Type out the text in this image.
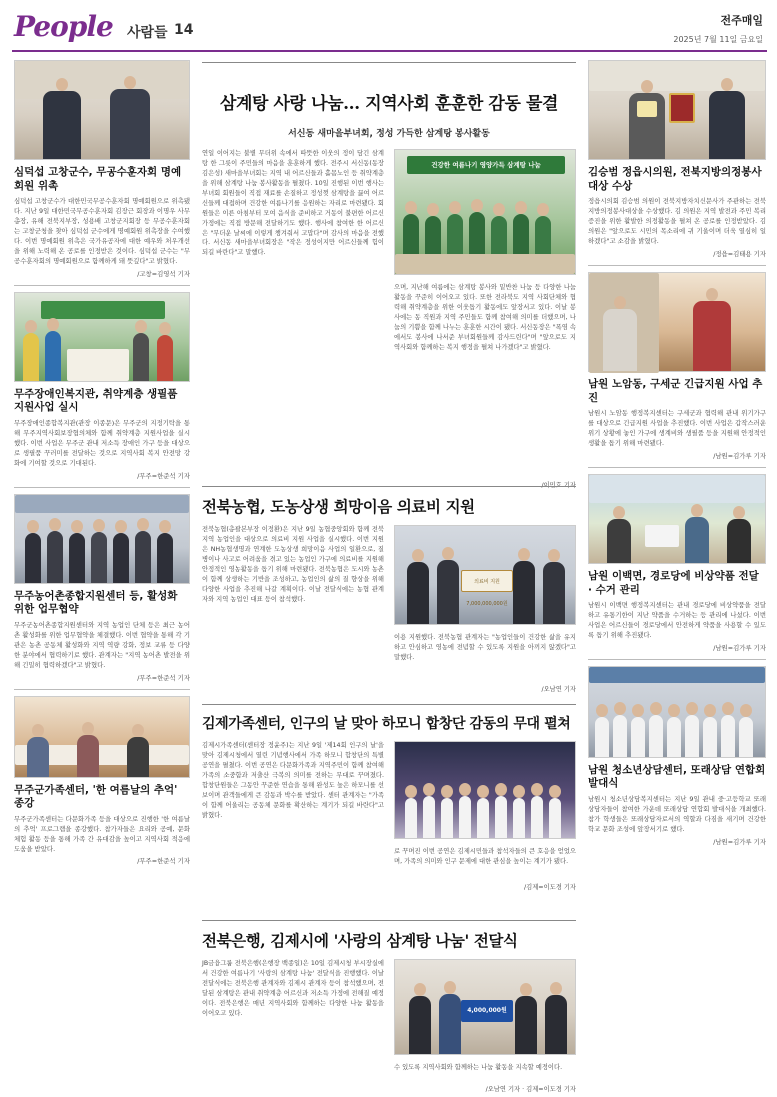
People 사람들 14
전주매일
2025년 7월 11일 금요일
심덕섭 고창군수, 무공수훈자회 명예회원 위촉
심덕섭 고창군수가 대한민국무공수훈자회 명예회원으로 위촉됐다. 지난 9일 대한민국무공수훈자회 김장근 회장과 이명우 사무총장, 유해 전북지부장, 성용배 고창군지회장 등 무공수훈자회는 고창군청을 찾아 심덕섭 군수에게 명예회원 위촉장을 수여했다. 이번 명예회원 위촉은 국가유공자에 대한 예우와 처우개선을 위해 노력해 온 공로를 인정받은 것이다. 심덕섭 군수는 "무공수훈자회의 명예회원으로 함께하게 돼 뜻깊다"고 밝혔다.
/고창=김영석 기자
무주장애인복지관, 취약계층 생필품 지원사업 실시
무주장애인종합복지관(관장 이종문)은 무주군의 지정기탁을 통해 무주지역사회보장협의체와 함께 취약계층 지원사업을 실시했다. 이번 사업은 무주군 관내 저소득 장애인 가구 등을 대상으로 생필품 꾸러미를 전달하는 것으로 지역사회 복지 안전망 강화에 기여할 것으로 기대된다.
/무주=한준석 기자
무주농어촌종합지원센터 등, 활성화 위한 업무협약
무주군농어촌종합지원센터와 지역 농업인 단체 등은 최근 농어촌 활성화를 위한 업무협약을 체결했다. 이번 협약을 통해 각 기관은 농촌 공동체 활성화와 지역 역량 강화, 정보 교류 등 다양한 분야에서 협력하기로 했다. 관계자는 "지역 농어촌 발전을 위해 긴밀히 협력하겠다"고 밝혔다.
/무주=한준석 기자
무주군가족센터, '한 여름날의 추억' 종강
무주군가족센터는 다문화가족 등을 대상으로 진행한 '한 여름날의 추억' 프로그램을 종강했다. 참가자들은 요리와 공예, 문화 체험 활동 등을 통해 가족 간 유대감을 높이고 지역사회 적응에 도움을 받았다.
/무주=한준석 기자
삼계탕 사랑 나눔… 지역사회 훈훈한 감동 물결
서신동 새마을부녀회, 정성 가득한 삼계탕 봉사활동
연일 이어지는 불볕 무더위 속에서 따뜻한 이웃의 정이 담긴 삼계탕 한 그릇이 주민들의 마음을 훈훈하게 했다. 전주시 서신동(동장 김은성) 새마을부녀회는 지역 내 어르신들과 홀몸노인 등 취약계층을 위해 삼계탕 나눔 봉사활동을 펼쳤다. 10일 진행된 이번 행사는 부녀회 회원들이 직접 재료를 손질하고 정성껏 삼계탕을 끓여 어르신들께 대접하며 건강한 여름나기를 응원하는 자리로 마련됐다. 회원들은 이른 아침부터 모여 음식을 준비하고 거동이 불편한 어르신 가정에는 직접 방문해 전달하기도 했다. 행사에 참여한 한 어르신은 "무더운 날씨에 이렇게 챙겨줘서 고맙다"며 감사의 마음을 전했다. 서신동 새마을부녀회장은 "작은 정성이지만 어르신들께 힘이 되길 바란다"고 말했다.
건강한 여름나기 영양가득 삼계탕 나눔
으며, 지난해 여름에는 삼계탕 봉사와 밑반찬 나눔 등 다양한 나눔 활동을 꾸준히 이어오고 있다. 또한 전라북도 지역 사회단체와 협력해 취약계층을 위한 이웃돕기 활동에도 앞장서고 있다. 이날 봉사에는 동 직원과 지역 주민들도 함께 참여해 의미를 더했으며, 나눔의 기쁨을 함께 나누는 훈훈한 시간이 됐다. 서신동장은 "폭염 속에서도 봉사에 나서준 부녀회원들께 감사드린다"며 "앞으로도 지역사회와 함께하는 복지 행정을 펼쳐 나가겠다"고 밝혔다.
전북농협, 도농상생 희망이음 의료비 지원
전북농협(총괄본부장 이정환)은 지난 9일 농협중앙회와 함께 전북지역 농업인을 대상으로 의료비 지원 사업을 실시했다. 이번 지원은 NH농협생명과 연계한 도농상생 희망이음 사업의 일환으로, 질병이나 사고로 어려움을 겪고 있는 농업인 가구에 의료비를 지원해 안정적인 영농활동을 돕기 위해 마련됐다. 전북농협은 도시와 농촌이 함께 상생하는 기반을 조성하고, 농업인의 삶의 질 향상을 위해 다양한 사업을 추진해 나갈 계획이다. 이날 전달식에는 농협 관계자와 지역 농업인 대표 등이 참석했다.
의료비 지원 7,000,000,000원
이용 지원했다. 전북농협 관계자는 "농업인들이 건강한 삶을 유지하고 안심하고 영농에 전념할 수 있도록 지원을 아끼지 않겠다"고 말했다.
/오남연 기자
김제가족센터, 인구의 날 맞아 하모니 합창단 감동의 무대 펼쳐
김제시가족센터(센터장 정윤주)는 지난 9일 '제14회 인구의 날'을 맞아 김제시청에서 열린 기념행사에서 가족 하모니 합창단의 특별 공연을 펼쳤다. 이번 공연은 다문화가족과 지역주민이 함께 참여해 가족의 소중함과 저출산 극복의 의미를 전하는 무대로 꾸며졌다. 합창단원들은 그동안 꾸준한 연습을 통해 완성도 높은 하모니를 선보이며 관객들에게 큰 감동과 박수를 받았다. 센터 관계자는 "가족이 함께 어울리는 공동체 문화를 확산하는 계기가 되길 바란다"고 밝혔다.
로 꾸며진 이번 공연은 김제시민들과 참석자들의 큰 호응을 얻었으며, 가족의 의미와 인구 문제에 대한 관심을 높이는 계기가 됐다.
/김제=이도경 기자
전북은행, 김제시에 '사랑의 삼계탕 나눔' 전달식
JB금융그룹 전북은행(은행장 백종일)은 10일 김제시청 부시장실에서 건강한 여름나기 '사랑의 삼계탕 나눔' 전달식을 진행했다. 이날 전달식에는 전북은행 관계자와 김제시 관계자 등이 참석했으며, 전달된 삼계탕은 관내 취약계층 어르신과 저소득 가정에 전해질 예정이다. 전북은행은 매년 지역사회와 함께하는 다양한 나눔 활동을 이어오고 있다.	4,000,000원
수 있도록 지역사회와 함께하는 나눔 활동을 지속할 예정이다.
/오남연 기자 · 김제=이도경 기자
김승범 정읍시의원, 전북지방의정봉사대상 수상
정읍시의회 김승범 의원이 전북지방자치신문사가 주관하는 전북지방의정봉사대상을 수상했다. 김 의원은 지역 발전과 주민 복리 증진을 위한 활발한 의정활동을 펼쳐 온 공로를 인정받았다. 김 의원은 "앞으로도 시민의 목소리에 귀 기울이며 더욱 열심히 일하겠다"고 소감을 밝혔다.
/정읍=김태용 기자
남원 노암동, 구세군 긴급지원 사업 추진
남원시 노암동 행정복지센터는 구세군과 협력해 관내 위기가구를 대상으로 긴급지원 사업을 추진했다. 이번 사업은 갑작스러운 위기 상황에 놓인 가구에 생계비와 생필품 등을 지원해 안정적인 생활을 돕기 위해 마련됐다.
/남원=김가루 기자
남원 이백면, 경로당에 비상약품 전달 · 수거 관리
남원시 이백면 행정복지센터는 관내 경로당에 비상약품을 전달하고 유통기한이 지난 약품을 수거하는 등 관리에 나섰다. 이번 사업은 어르신들이 경로당에서 안전하게 약품을 사용할 수 있도록 돕기 위해 추진됐다.
/남원=김가루 기자
남원 청소년상담센터, 또래상담 연합회 발대식
남원시 청소년상담복지센터는 지난 9일 관내 중·고등학교 또래상담자들이 참여한 가운데 또래상담 연합회 발대식을 개최했다. 참가 학생들은 또래상담자로서의 역할과 다짐을 새기며 건강한 학교 문화 조성에 앞장서기로 했다.
/남원=김가루 기자
